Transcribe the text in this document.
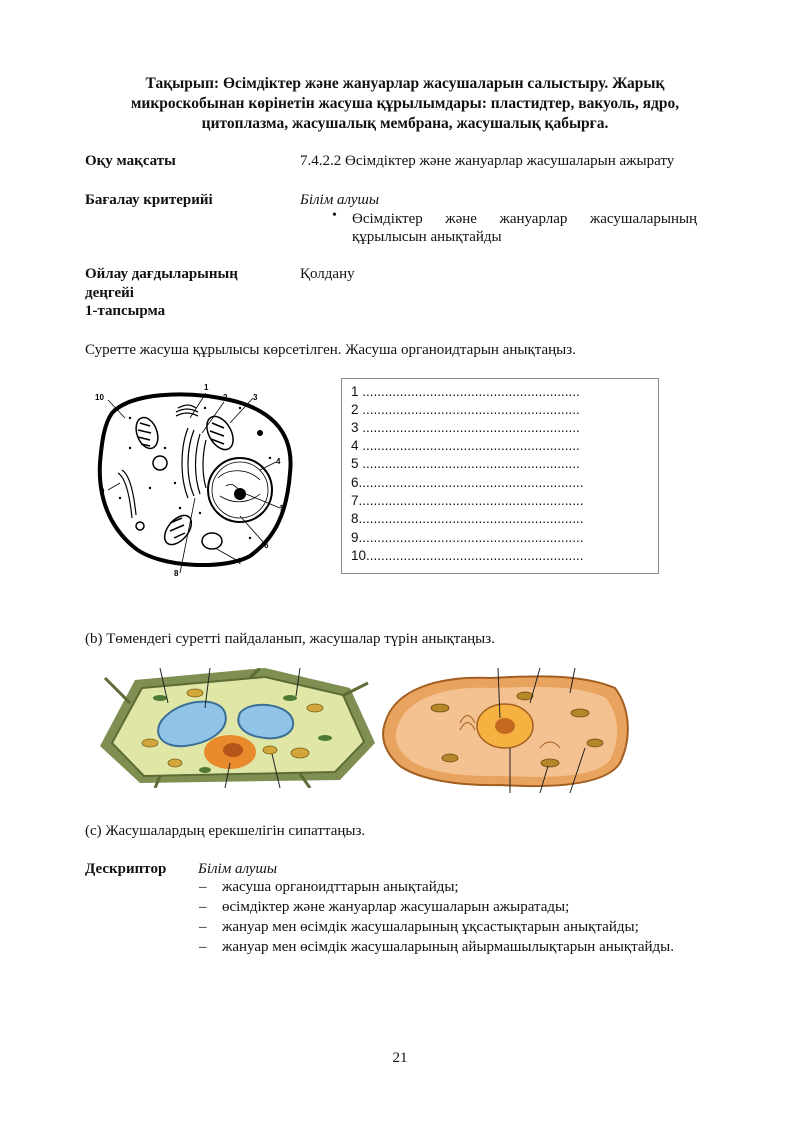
Тақырып: Өсімдіктер және жануарлар жасушаларын салыстыру. Жарық
микроскобынан көрінетін жасуша құрылымдары: пластидтер, вакуоль, ядро,
цитоплазма, жасушалық мембрана, жасушалық қабырға.
Оқу мақсаты	7.4.2.2 Өсімдіктер және жануарлар жасушаларын ажырату
Бағалау критерийі	Білім алушы
• Өсімдіктер      және      жануарлар      жасушаларының
құрылысын анықтайды
Ойлау дағдыларының
деңгейі
1-тапсырма
Қолдану
Суретте жасуша құрылысы көрсетілген. Жасуша органоидтарын анықтаңыз.
1
2	3
4
5
6
7
8
9
10	1 ..........................................................
2 ..........................................................
3 ..........................................................
4 ..........................................................
5 ..........................................................
6............................................................
7............................................................
8............................................................
9............................................................
10..........................................................
(b) Төмендегі суретті пайдаланып, жасушалар түрін анықтаңыз.
(c) Жасушалардың ерекшелігін сипаттаңыз.
Дескриптор Білім алушы
– жасуша органоидттарын анықтайды;
– өсімдіктер және жануарлар жасушаларын ажыратады;
– жануар мен өсімдік жасушаларының ұқсастықтарын анықтайды;
– жануар мен өсімдік жасушаларының айырмашылықтарын анықтайды.
21
